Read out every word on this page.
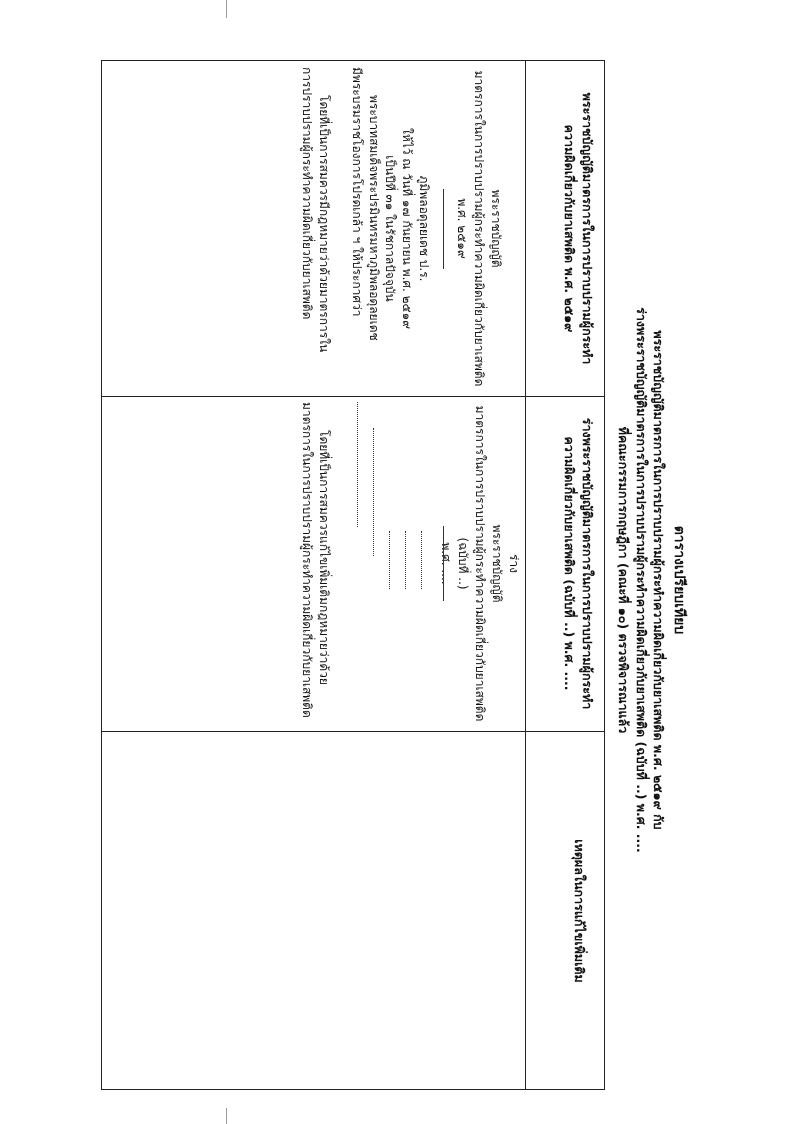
ตารางเปรียบเทียบ
พระราชบัญญัติมาตรการในการปราบปรามผู้กระทำความผิดเกี่ยวกับยาเสพติด พ.ศ. ๒๕๑๙ กับ
ร่างพระราชบัญญัติมาตรการในการปราบปรามผู้กระทำความผิดเกี่ยวกับยาเสพติด (ฉบับที่ ..) พ.ศ. ....
ที่คณะกรรมการกฤษฎีกา (คณะที่ ๑๐) ตรวจพิจารณาแล้ว
พระราชบัญญัติมาตรการในการปราบปรามผู้กระทำ
ความผิดเกี่ยวกับยาเสพติด พ.ศ. ๒๕๑๙
ร่างพระราชบัญญัติมาตรการในการปราบปรามผู้กระทำ
ความผิดเกี่ยวกับยาเสพติด (ฉบับที่ ..) พ.ศ. ....
เหตุผลในการแก้ไขเพิ่มเติม
พระราชบัญญัติ
มาตรการในการปราบปรามผู้กระทำความผิดเกี่ยวกับยาเสพติด
พ.ศ. ๒๕๑๙
ภูมิพลอดุลยเดช ป.ร.
ให้ไว้ ณ วันที่ ๑๗ กันยายน พ.ศ. ๒๕๑๙
เป็นปีที่ ๓๑ ในรัชกาลปัจจุบัน
พระบาทสมเด็จพระปรมินทรมหาภูมิพลอดุลยเดช
มีพระบรมราชโองการโปรดเกล้า ฯ ให้ประกาศว่า
โดยที่เป็นการสมควรมีกฎหมายว่าด้วยมาตรการใน
การปราบปรามผู้กระทำความผิดเกี่ยวกับยาเสพติด
ร่าง
พระราชบัญญัติ
มาตรการในการปราบปรามผู้กระทำความผิดเกี่ยวกับยาเสพติด (ฉบับที่ ..)
พ.ศ. ....
โดยที่เป็นการสมควรแก้ไขเพิ่มเติมกฎหมายว่าด้วย
มาตรการในการปราบปรามผู้กระทำความผิดเกี่ยวกับยาเสพติด
